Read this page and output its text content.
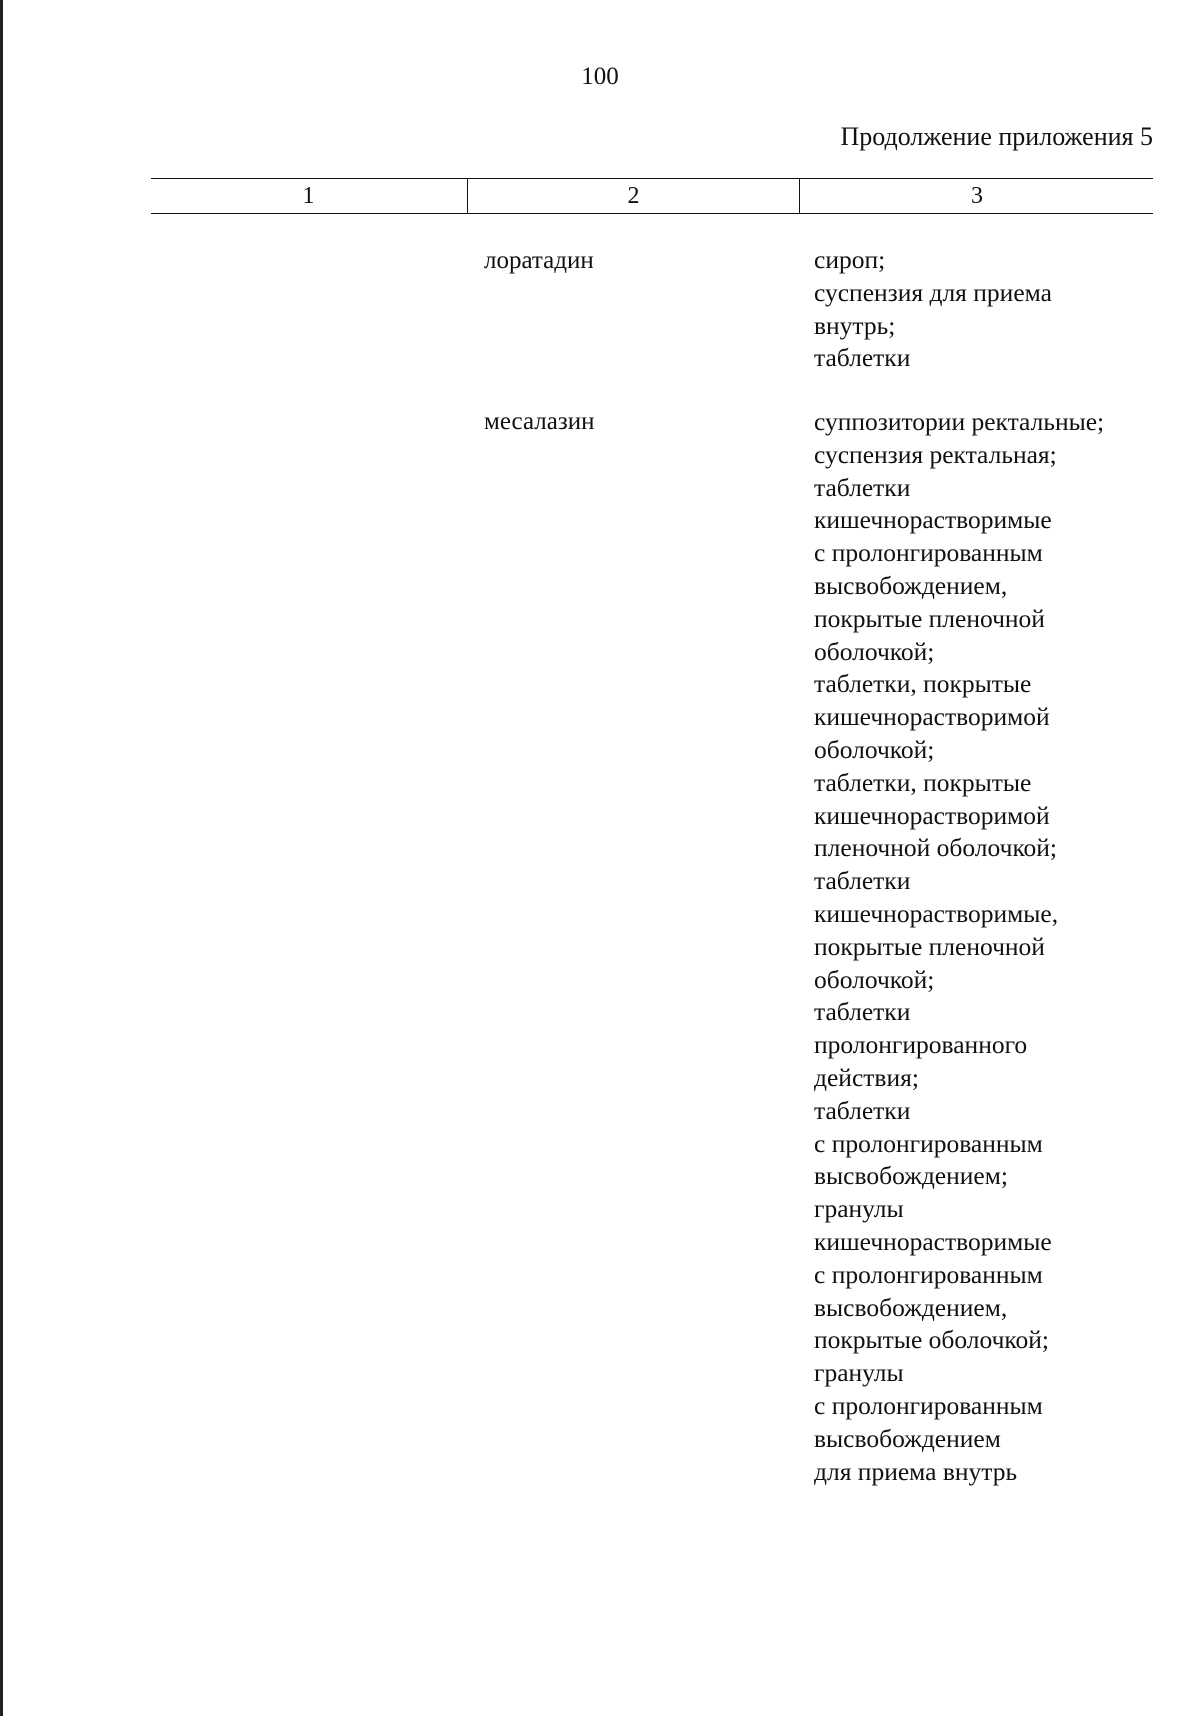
100
Продолжение приложения 5
1	2	3
лоратадин	сироп;
суспензия для приема
внутрь;
таблетки
месалазин	суппозитории ректальные;
суспензия ректальная;
таблетки
кишечнорастворимые
с пролонгированным
высвобождением,
покрытые пленочной
оболочкой;
таблетки, покрытые
кишечнорастворимой
оболочкой;
таблетки, покрытые
кишечнорастворимой
пленочной оболочкой;
таблетки
кишечнорастворимые,
покрытые пленочной
оболочкой;
таблетки
пролонгированного
действия;
таблетки
с пролонгированным
высвобождением;
гранулы
кишечнорастворимые
с пролонгированным
высвобождением,
покрытые оболочкой;
гранулы
с пролонгированным
высвобождением
для приема внутрь
